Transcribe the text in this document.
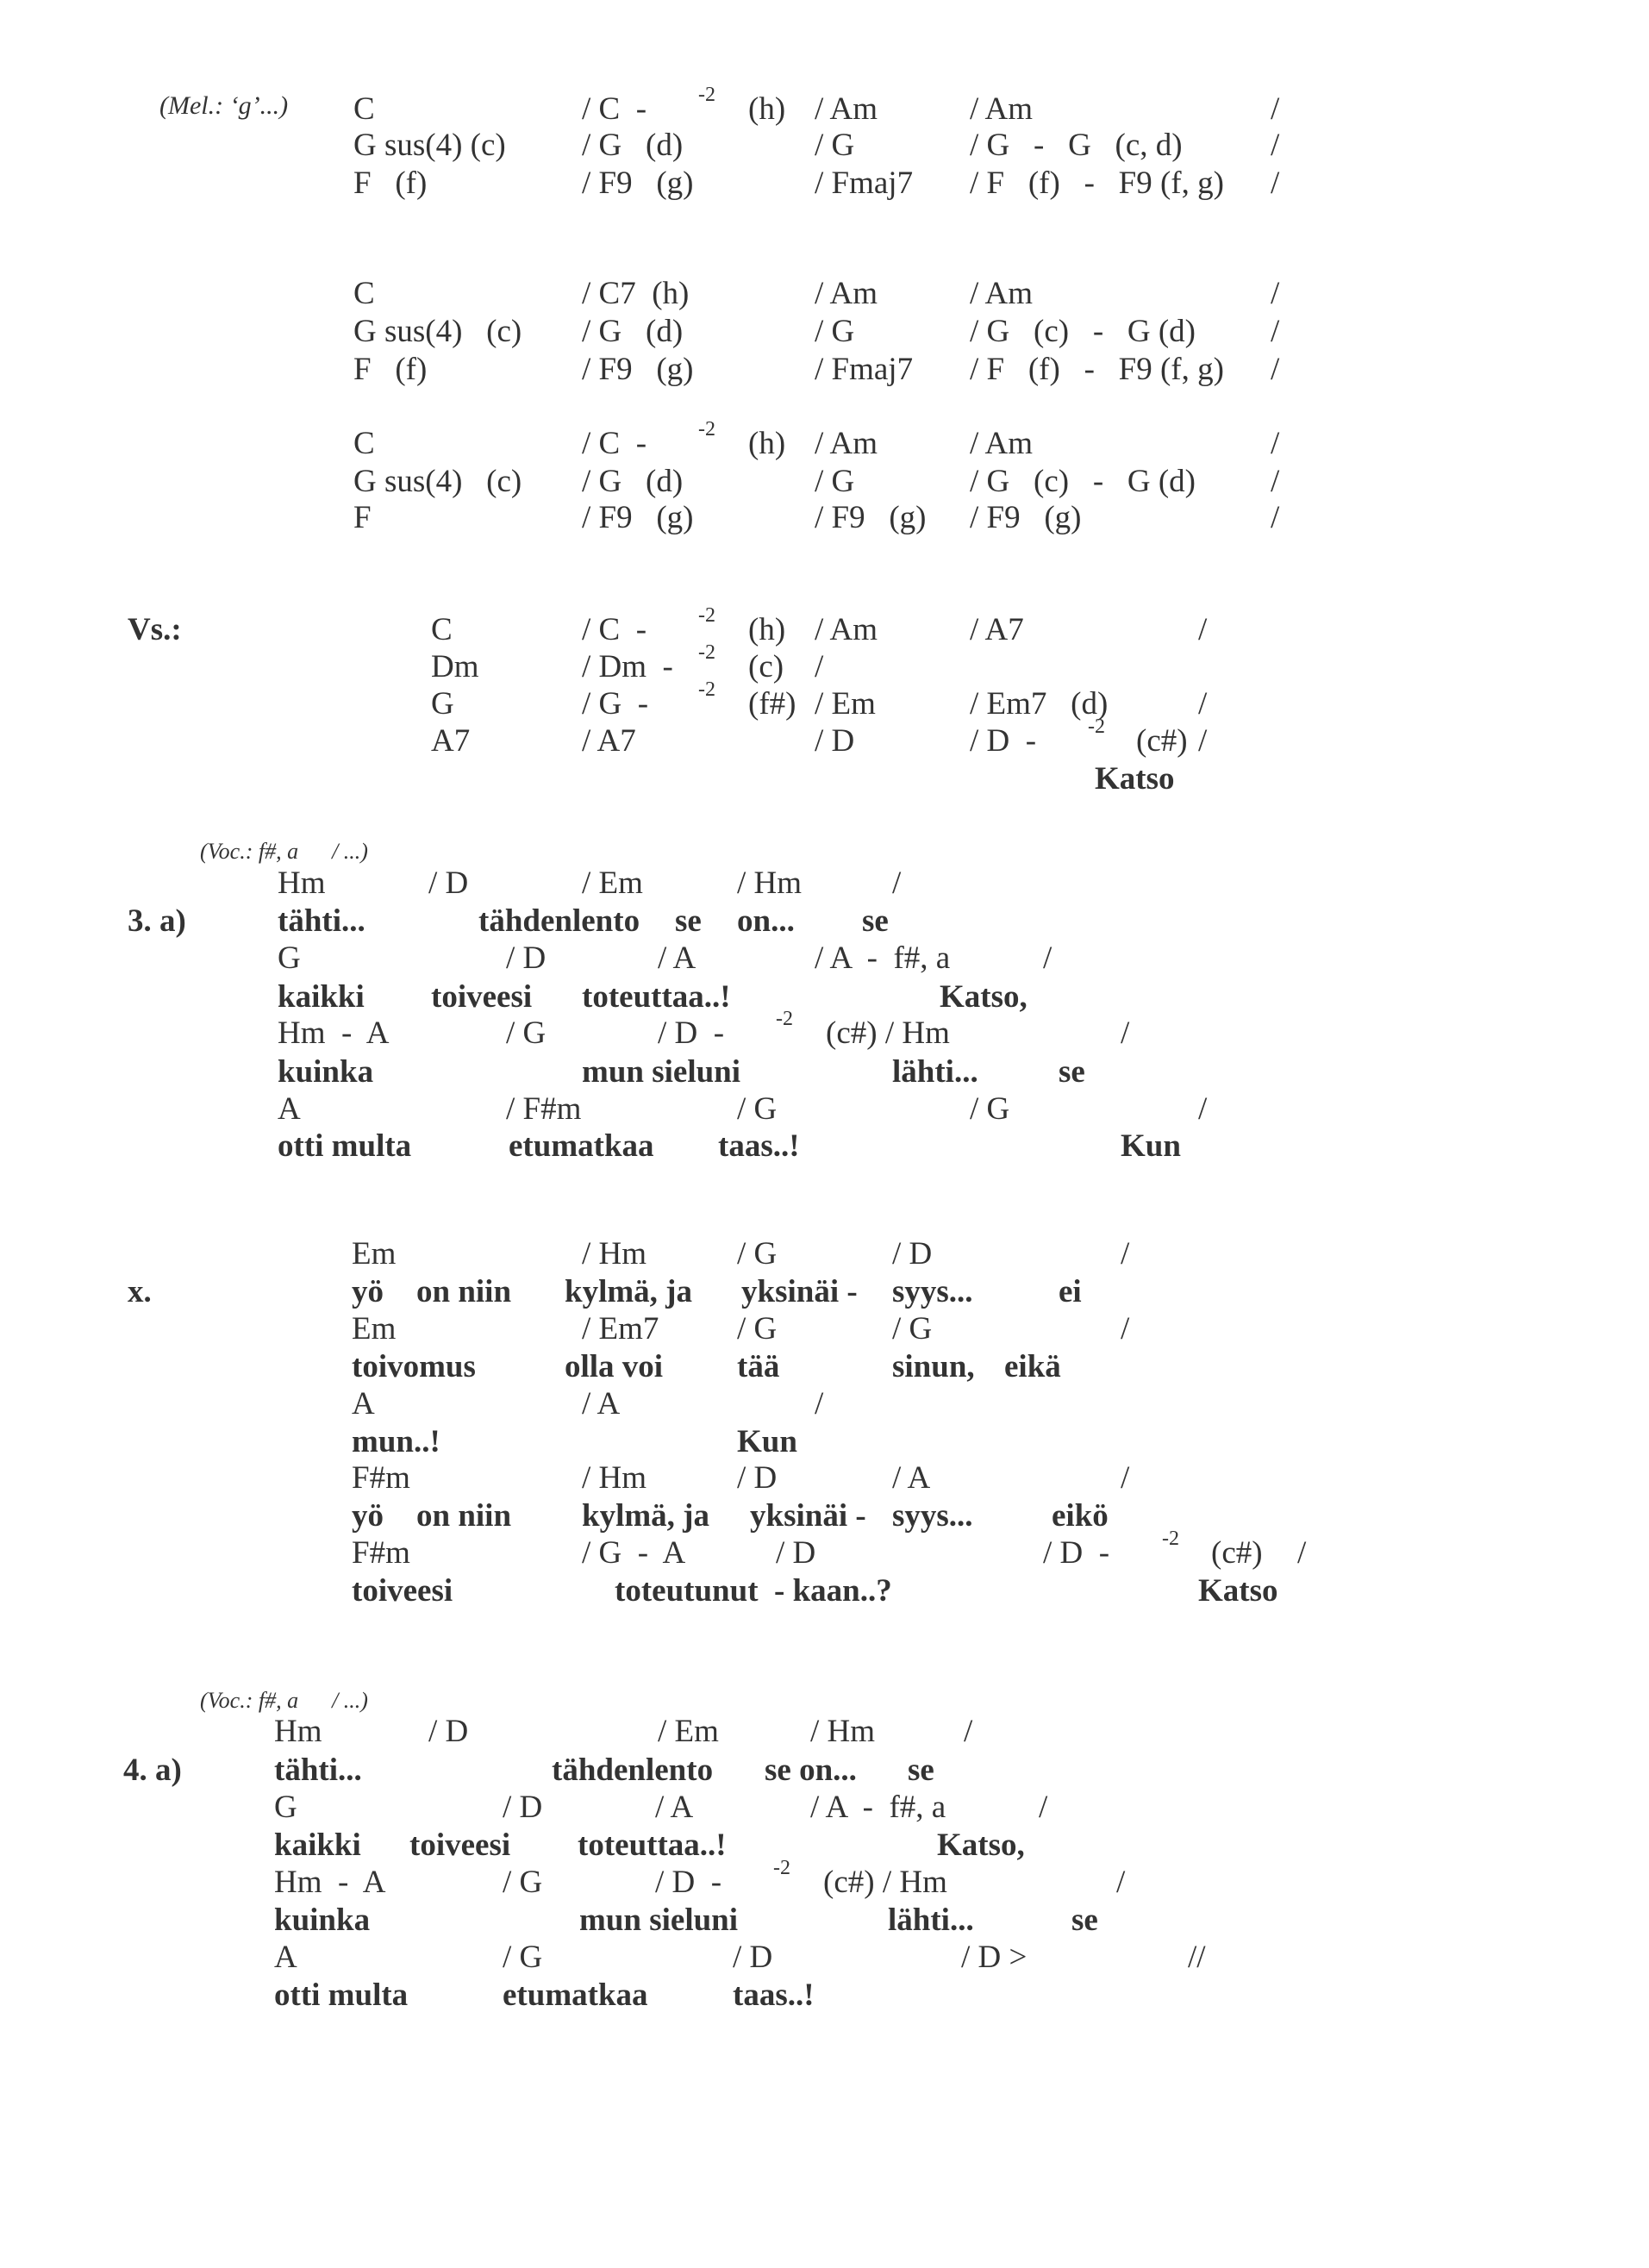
(Mel.: ‘g’...) C	/ C  - -2 (h) / Am	/ Am	/
G sus(4) (c) / G   (d)	/ G	/ G   -   G   (c, d)	/
F   (f)	/ F9   (g)	/ Fmaj7 / F   (f)   -   F9 (f, g) /
C	/ C7  (h)	/ Am	/ Am	/
G sus(4)   (c) / G   (d)	/ G	/ G   (c)   -   G (d) /
F   (f)	/ F9   (g)	/ Fmaj7 / F   (f)   -   F9 (f, g) /
C	/ C  - -2 (h) / Am	/ Am	/
G sus(4)   (c) / G   (d)	/ G	/ G   (c)   -   G (d) /
F	/ F9   (g)	/ F9   (g) / F9   (g)	/
Vs.:	C	/ C  - -2 (h) / Am	/ A7	/
Dm	/ Dm  - -2 (c) /
G	/ G  - -2 (f#) / Em	/ Em7   (d)	/
A7	/ A7	/ D	/ D  - -2 (c#) /
Katso
(Voc.: f#, a      / ...)
Hm	/ D	/ Em	/ Hm	/
3. a)	tähti...	tähdenlento se on... se
G	/ D	/ A	/ A  -  f#, a	/
kaikki toiveesi toteuttaa..!	Katso,
Hm  -  A	/ G	/ D  - -2 (c#) / Hm	/
kuinka	mun sieluni	lähti...	se
A	/ F#m	/ G	/ G	/
otti multa	etumatkaa taas..!	Kun
Em	/ Hm	/ G	/ D	/
x.	yö on niin kylmä, ja yksinäi - syys...	ei
Em	/ Em7 / G	/ G	/
toivomus	olla voi tää	sinun, eikä
A	/ A	/
mun..!	Kun
F#m	/ Hm	/ D	/ A	/
yö on niin kylmä, ja yksinäi - syys... eikö
F#m	/ G  -  A	/ D	/ D  -	-2 (c#) /
toiveesi	toteutunut - kaan..?	Katso
(Voc.: f#, a      / ...)
Hm	/ D	/ Em	/ Hm	/
4. a)	tähti...	tähdenlento se on... se
G	/ D	/ A	/ A  -  f#, a	/
kaikki toiveesi toteuttaa..!	Katso,
Hm  -  A	/ G	/ D  - -2 (c#) / Hm	/
kuinka	mun sieluni	lähti...	se
A	/ G	/ D	/ D >	//
otti multa	etumatkaa	taas..!
